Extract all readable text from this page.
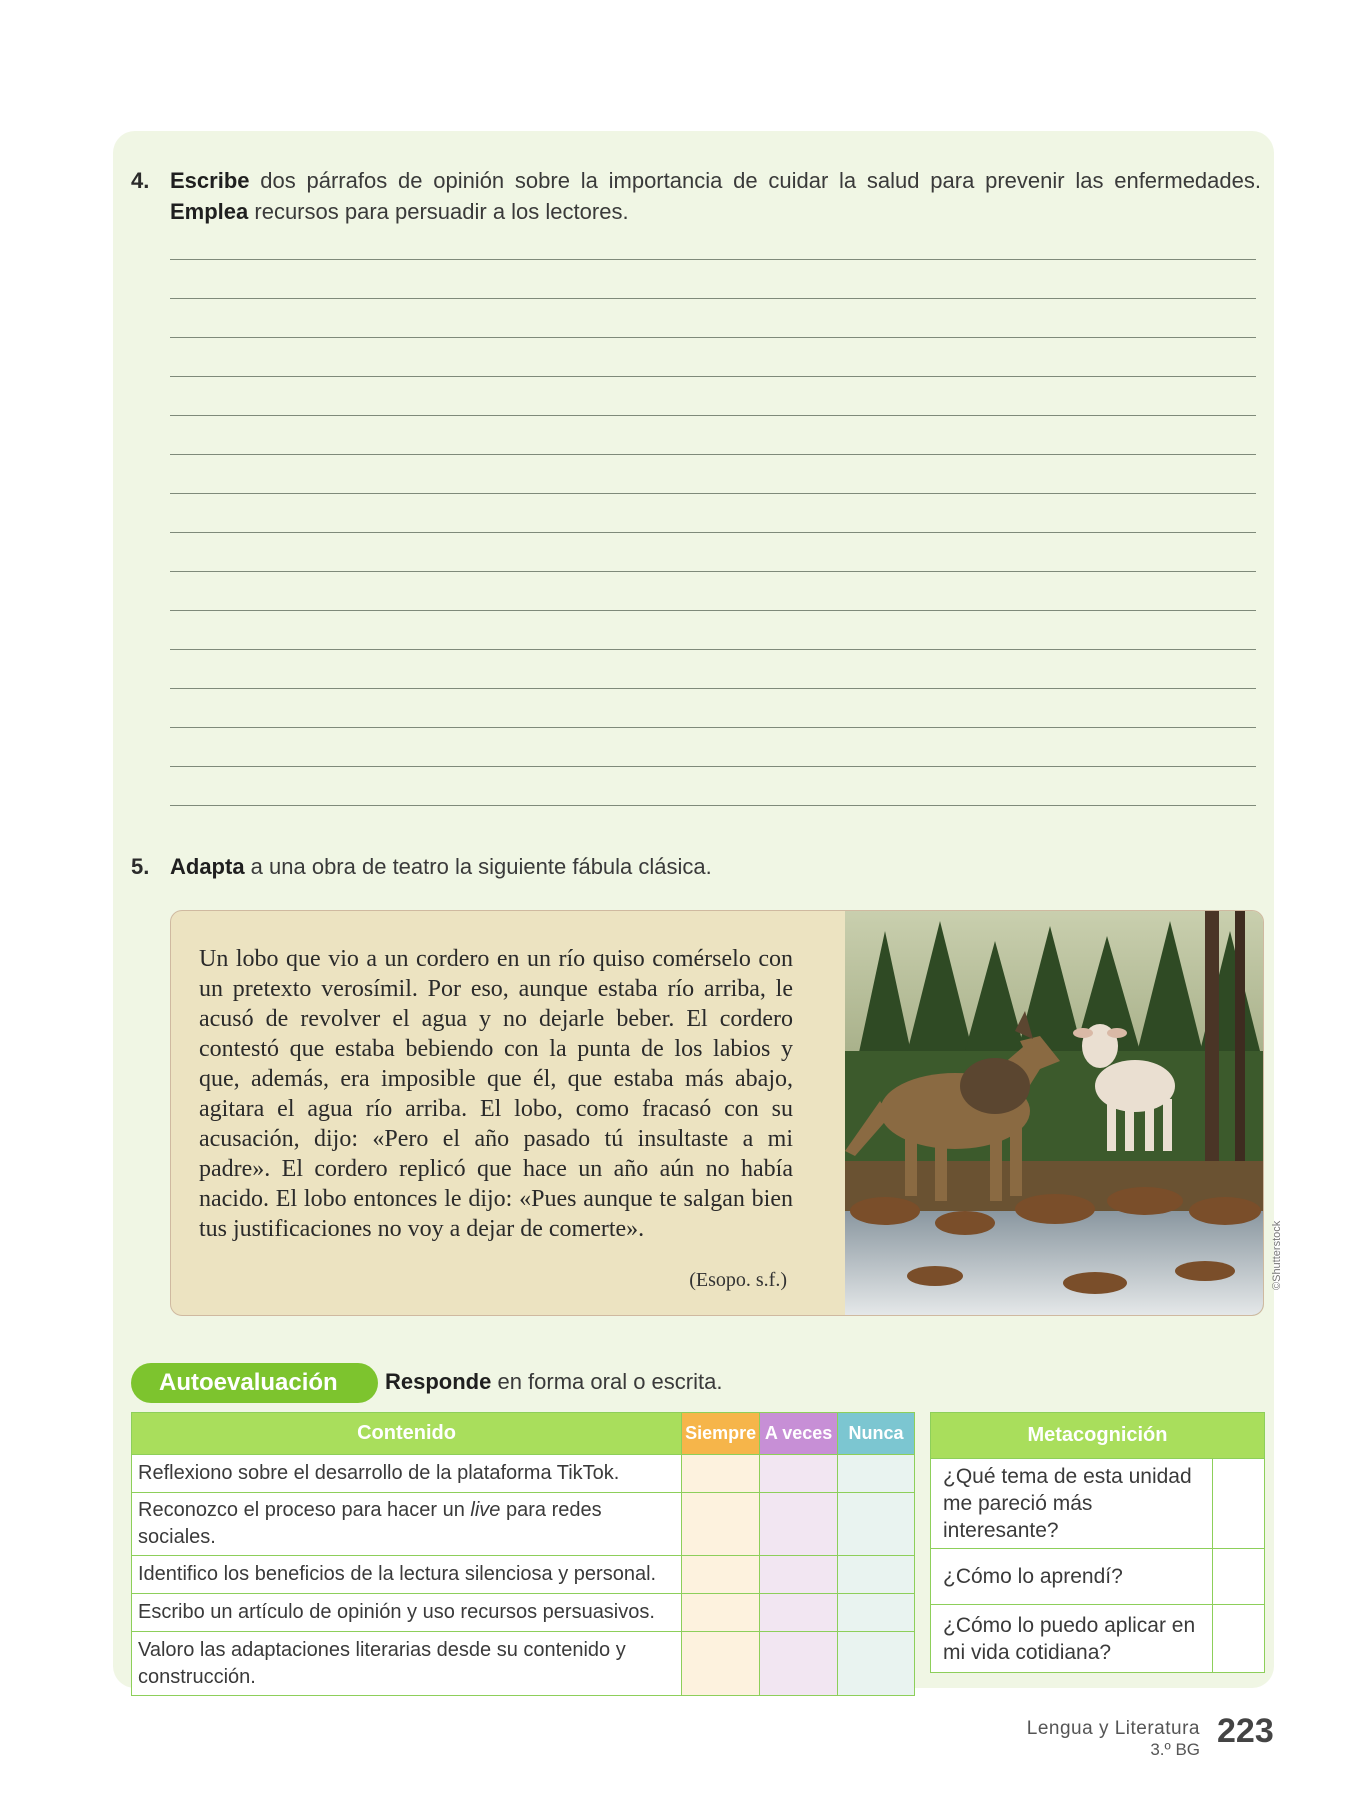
4. Escribe dos párrafos de opinión sobre la importancia de cuidar la salud para prevenir las enfermedades. Emplea recursos para persuadir a los lectores.
5. Adapta a una obra de teatro la siguiente fábula clásica.

Un lobo que vio a un cordero en un río quiso comérselo con un pretexto verosímil. Por eso, aunque estaba río arriba, le acusó de revolver el agua y no dejarle beber. El cordero contestó que estaba bebiendo con la punta de los labios y que, además, era imposible que él, que estaba más abajo, agitara el agua río arriba. El lobo, como fracasó con su acusación, dijo: «Pero el año pasado tú insultaste a mi padre». El cordero replicó que hace un año aún no había nacido. El lobo entonces le dijo: «Pues aunque te salgan bien tus justificaciones no voy a dejar de comerte».

(Esopo. s.f.)	©Shutterstock
Autoevaluación	Responde en forma oral o escrita.
Contenido	Siempre	A veces	Nunca
Reflexiono sobre el desarrollo de la plataforma TikTok.			
Reconozco el proceso para hacer un live para redes sociales.			
Identifico los beneficios de la lectura silenciosa y personal.			
Escribo un artículo de opinión y uso recursos persuasivos.			
Valoro las adaptaciones literarias desde su contenido y construcción.			
Metacognición	
¿Qué tema de esta unidad me pareció más interesante?	
¿Cómo lo aprendí?	
¿Cómo lo puedo aplicar en mi vida cotidiana?	
Lengua y Literatura
3.º BG 223
